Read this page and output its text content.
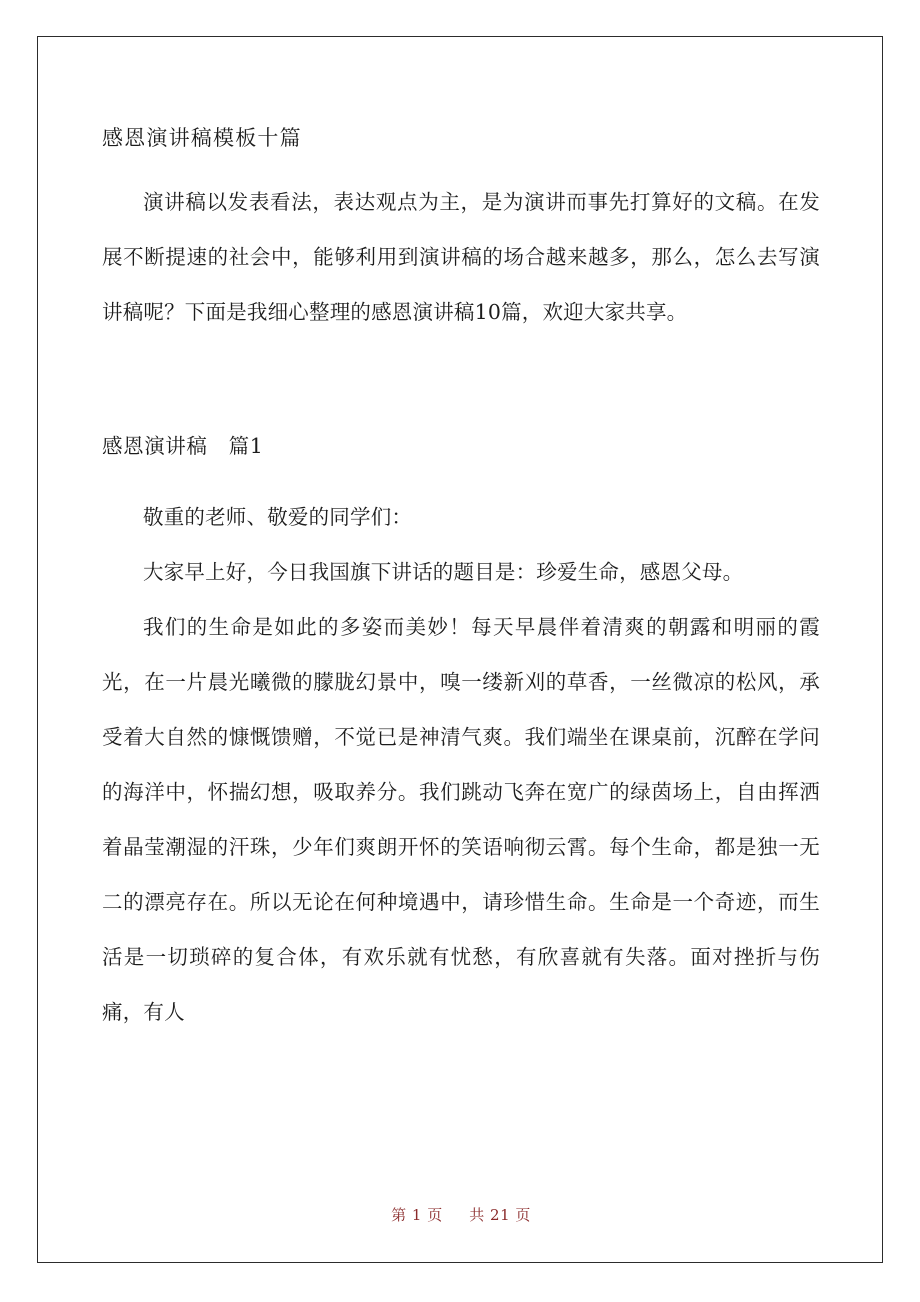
感恩演讲稿模板十篇

演讲稿以发表看法，表达观点为主，是为演讲而事先打算好的文稿。在发展不断提速的社会中，能够利用到演讲稿的场合越来越多，那么，怎么去写演讲稿呢？下面是我细心整理的感恩演讲稿10篇，欢迎大家共享。

感恩演讲稿　篇1

敬重的老师、敬爱的同学们：

大家早上好，今日我国旗下讲话的题目是：珍爱生命，感恩父母。

我们的生命是如此的多姿而美妙！每天早晨伴着清爽的朝露和明丽的霞光，在一片晨光曦微的朦胧幻景中，嗅一缕新刈的草香，一丝微凉的松风，承受着大自然的慷慨馈赠，不觉已是神清气爽。我们端坐在课桌前，沉醉在学问的海洋中，怀揣幻想，吸取养分。我们跳动飞奔在宽广的绿茵场上，自由挥洒着晶莹潮湿的汗珠，少年们爽朗开怀的笑语响彻云霄。每个生命，都是独一无二的漂亮存在。所以无论在何种境遇中，请珍惜生命。生命是一个奇迹，而生活是一切琐碎的复合体，有欢乐就有忧愁，有欣喜就有失落。面对挫折与伤痛，有人

第 1 页 共 21 页
